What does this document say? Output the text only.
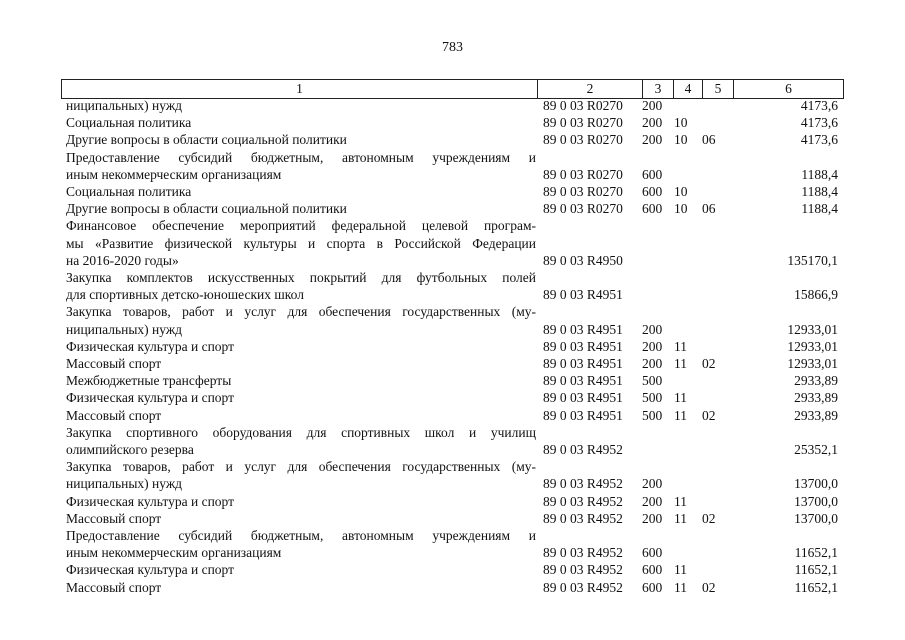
783
1	2	3	4	5	6
ниципальных) нужд	89 0 03 R0270	200	4173,6
Социальная политика	89 0 03 R0270	200 10	4173,6
Другие вопросы в области социальной политики	89 0 03 R0270	200 10	06	4173,6
Предоставление субсидий бюджетным, автономным учреждениям и
иным некоммерческим организациям	89 0 03 R0270	600	1188,4
Социальная политика	89 0 03 R0270	600 10	1188,4
Другие вопросы в области социальной политики	89 0 03 R0270	600 10	06	1188,4
Финансовое обеспечение мероприятий федеральной целевой програм-
мы «Развитие физической культуры и спорта в Российской Федерации
на 2016-2020 годы»	89 0 03 R4950	135170,1
Закупка комплектов искусственных покрытий для футбольных полей
для спортивных детско-юношеских школ	89 0 03 R4951	15866,9
Закупка товаров, работ и услуг для обеспечения государственных (му-
ниципальных) нужд	89 0 03 R4951	200	12933,01
Физическая культура и спорт	89 0 03 R4951	200 11	12933,01
Массовый спорт	89 0 03 R4951	200 11	02	12933,01
Межбюджетные трансферты	89 0 03 R4951	500	2933,89
Физическая культура и спорт	89 0 03 R4951	500 11	2933,89
Массовый спорт	89 0 03 R4951	500 11	02	2933,89
Закупка спортивного оборудования для спортивных школ и училищ
олимпийского резерва	89 0 03 R4952	25352,1
Закупка товаров, работ и услуг для обеспечения государственных (му-
ниципальных) нужд	89 0 03 R4952	200	13700,0
Физическая культура и спорт	89 0 03 R4952	200 11	13700,0
Массовый спорт	89 0 03 R4952	200 11	02	13700,0
Предоставление субсидий бюджетным, автономным учреждениям и
иным некоммерческим организациям	89 0 03 R4952	600	11652,1
Физическая культура и спорт	89 0 03 R4952	600 11	11652,1
Массовый спорт	89 0 03 R4952	600 11	02	11652,1
